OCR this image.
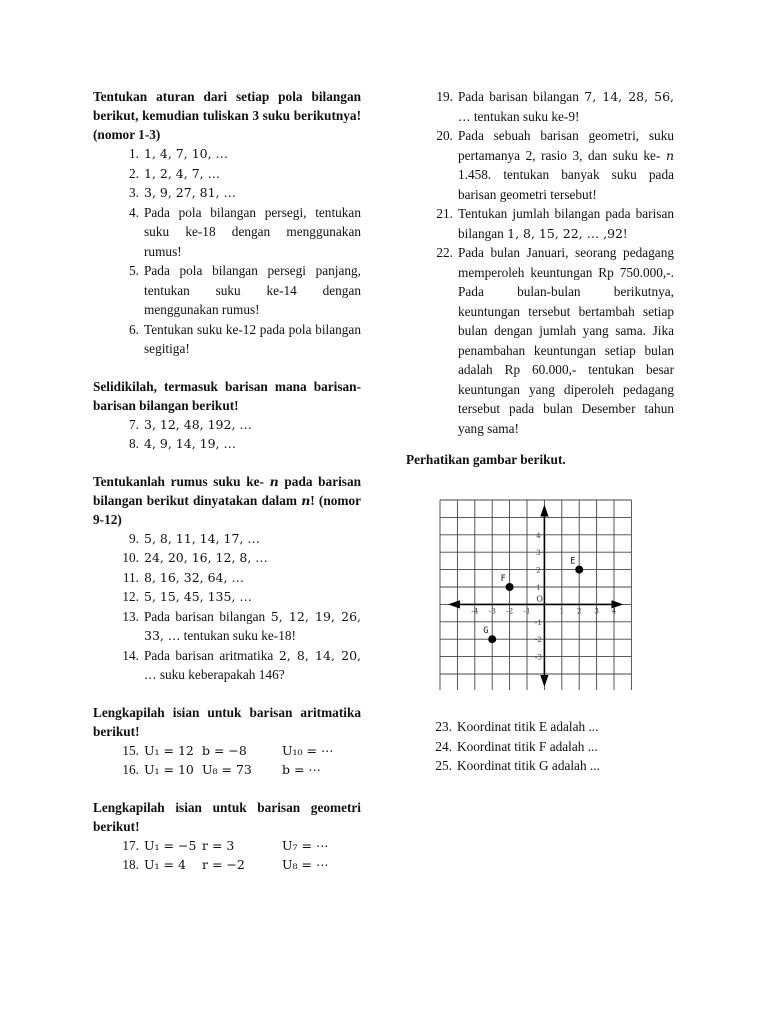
Tentukan aturan dari setiap pola bilangan berikut, kemudian tuliskan 3 suku berikutnya! (nomor 1-3)

1. 1, 4, 7, 10, …
2. 1, 2, 4, 7, …
3. 3, 9, 27, 81, …
4. Pada pola bilangan persegi, tentukan suku ke-18 dengan menggunakan rumus!
5. Pada pola bilangan persegi panjang, tentukan suku ke-14 dengan menggunakan rumus!
6. Tentukan suku ke-12 pada pola bilangan segitiga!

Selidikilah, termasuk barisan mana barisan-barisan bilangan berikut!

7. 3, 12, 48, 192, …
8. 4, 9, 14, 19, …

Tentukanlah rumus suku ke- n pada barisan bilangan berikut dinyatakan dalam n! (nomor 9-12)

9. 5, 8, 11, 14, 17, …
10. 24, 20, 16, 12, 8, …
11. 8, 16, 32, 64, …
12. 5, 15, 45, 135, …
13. Pada barisan bilangan 5, 12, 19, 26, 33, … tentukan suku ke-18!
14. Pada barisan aritmatika 2, 8, 14, 20, … suku keberapakah 146?

Lengkapilah isian untuk barisan aritmatika berikut!

15. U₁ = 12 b = −8	U₁₀ = ⋯
16. U₁ = 10 U₈ = 73	b = ⋯

Lengkapilah isian untuk barisan geometri berikut!

17. U₁ = −5 r = 3	U₇ = ⋯
18. U₁ = 4	r = −2	U₈ = ⋯
19. Pada barisan bilangan 7, 14, 28, 56, … tentukan suku ke-9!
20. Pada sebuah barisan geometri, suku pertamanya 2, rasio 3, dan suku ke- n 1.458. tentukan banyak suku pada barisan geometri tersebut!
21. Tentukan jumlah bilangan pada barisan bilangan 1, 8, 15, 22, … ,92!
22. Pada bulan Januari, seorang pedagang memperoleh keuntungan Rp 750.000,-. Pada bulan-bulan berikutnya, keuntungan tersebut bertambah setiap bulan dengan jumlah yang sama. Jika penambahan keuntungan setiap bulan adalah Rp 60.000,- tentukan besar keuntungan yang diperoleh pedagang tersebut pada bulan Desember tahun yang sama!

Perhatikan gambar berikut.

-4 -3 -2 -1	1 2 3 4
4
3
2
1
-1
-2
-3
O
E
F
G
23. Koordinat titik E adalah ...
24. Koordinat titik F adalah ...
25. Koordinat titik G adalah ...
